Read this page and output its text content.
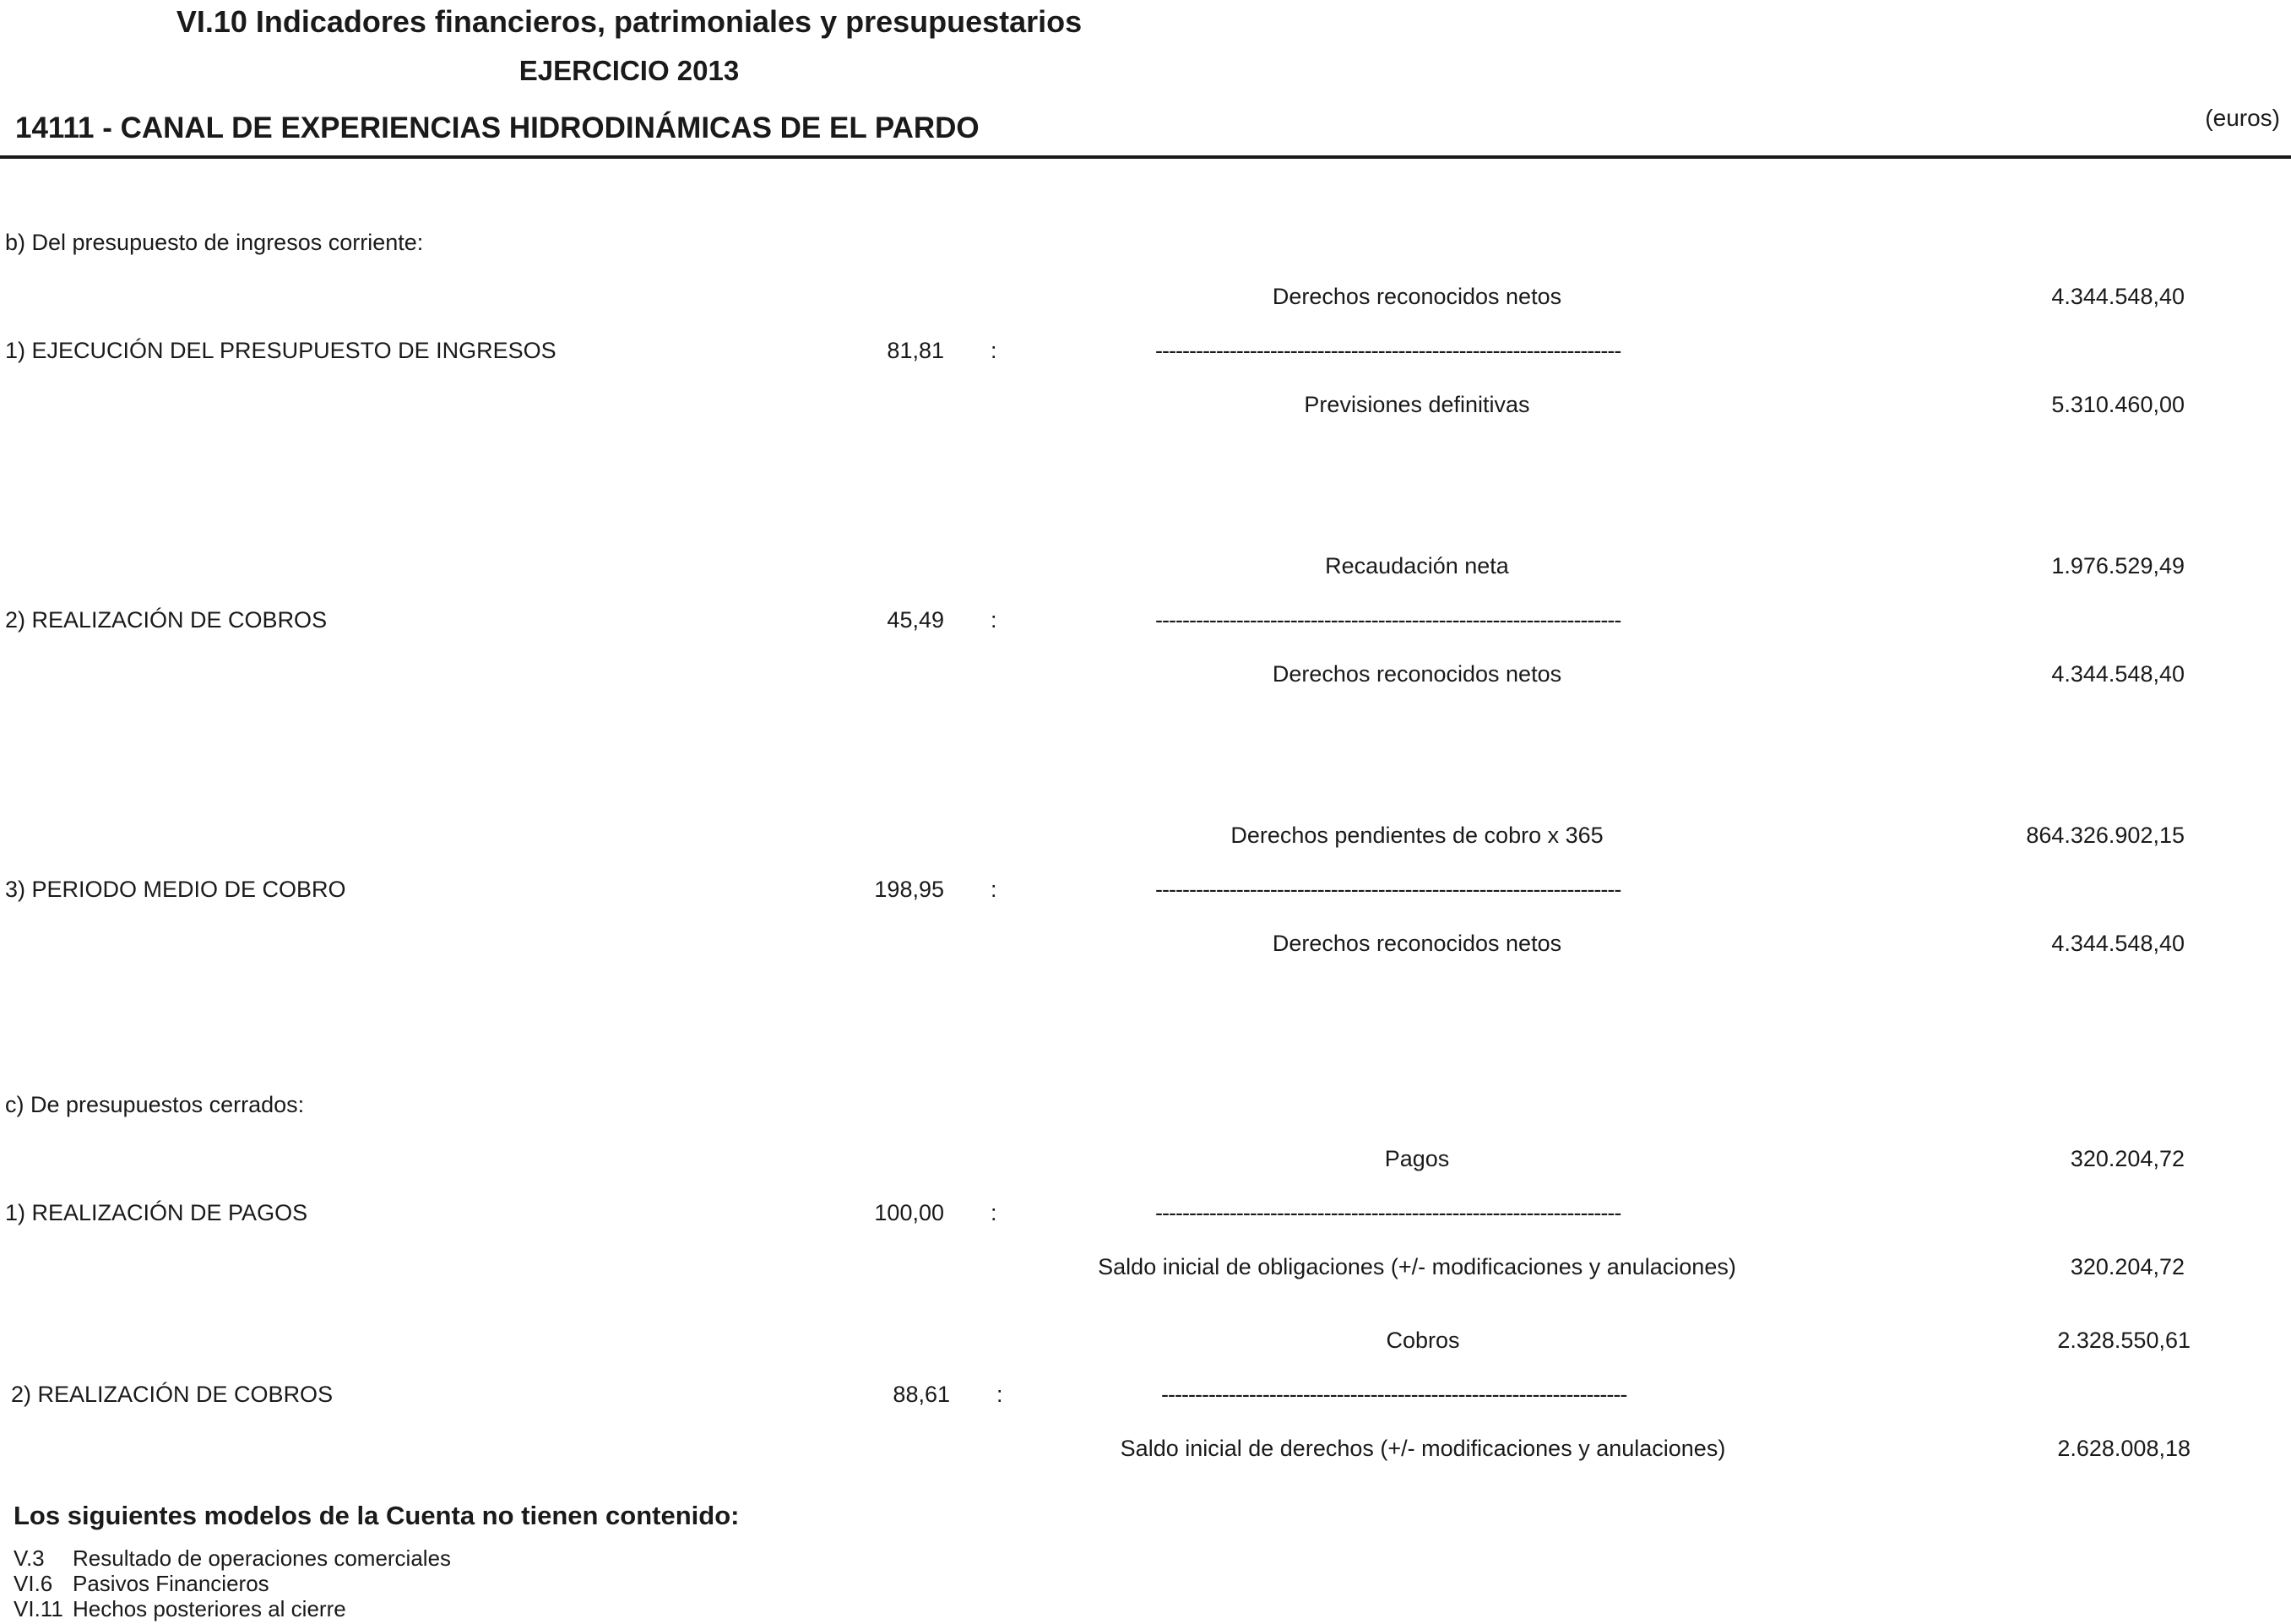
VI.10 Indicadores financieros, patrimoniales y presupuestarios
EJERCICIO 2013
14111 - CANAL DE EXPERIENCIAS HIDRODINÁMICAS DE EL PARDO	(euros)
b) Del presupuesto de ingresos corriente:
Derechos reconocidos netos	4.344.548,40
1) EJECUCIÓN DEL PRESUPUESTO DE INGRESOS	81,81 :	---------------------------------------------------------------------
Previsiones definitivas	5.310.460,00
Recaudación neta	1.976.529,49
2) REALIZACIÓN DE COBROS	45,49 :	---------------------------------------------------------------------
Derechos reconocidos netos	4.344.548,40
Derechos pendientes de cobro x 365	864.326.902,15
3) PERIODO MEDIO DE COBRO	198,95 :	---------------------------------------------------------------------
Derechos reconocidos netos	4.344.548,40
c) De presupuestos cerrados:
Pagos	320.204,72
1) REALIZACIÓN DE PAGOS	100,00 :	---------------------------------------------------------------------
Saldo inicial de obligaciones (+/- modificaciones y anulaciones)	320.204,72
Cobros	2.328.550,61
2) REALIZACIÓN DE COBROS	88,61 :	---------------------------------------------------------------------
Saldo inicial de derechos (+/- modificaciones y anulaciones)	2.628.008,18
Los siguientes modelos de la Cuenta no tienen contenido:
V.3 Resultado de operaciones comerciales
VI.6 Pasivos Financieros
VI.11 Hechos posteriores al cierre
